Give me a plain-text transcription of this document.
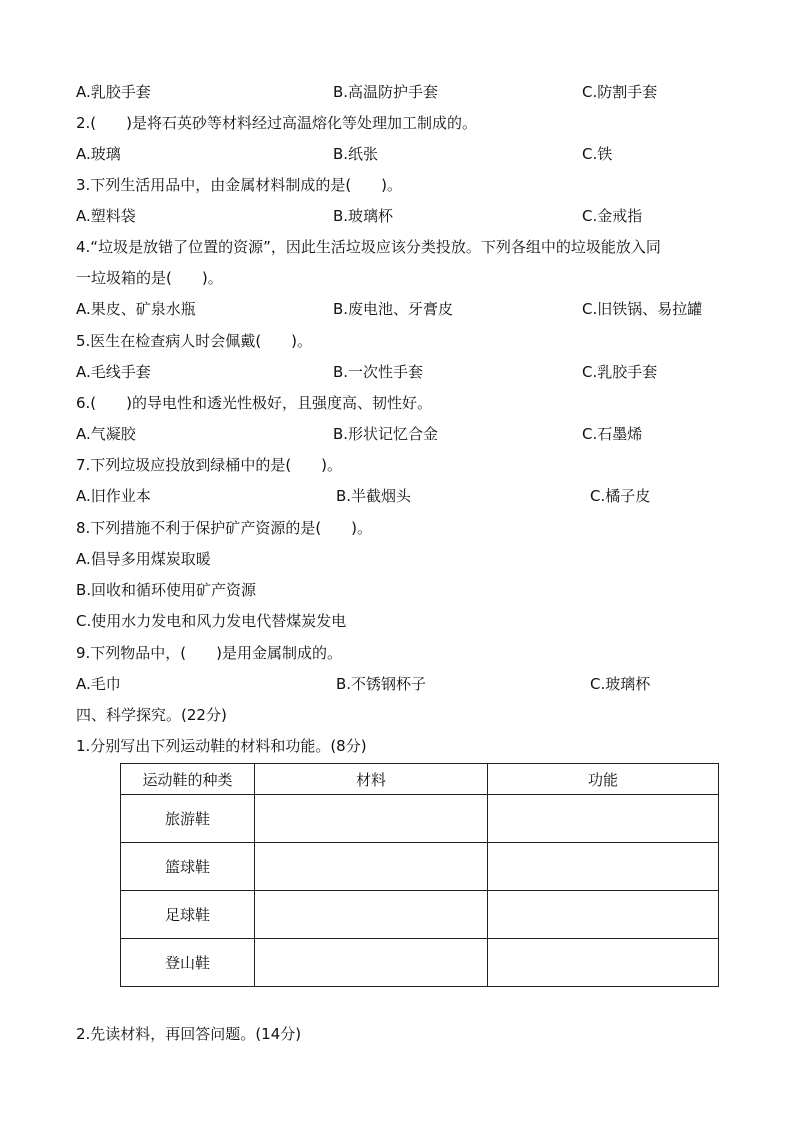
A.乳胶手套	B.高温防护手套	C.防割手套
2.(　　)是将石英砂等材料经过高温熔化等处理加工制成的。
A.玻璃	B.纸张	C.铁
3.下列生活用品中，由金属材料制成的是(　　)。
A.塑料袋	B.玻璃杯	C.金戒指
4.“垃圾是放错了位置的资源”，因此生活垃圾应该分类投放。下列各组中的垃圾能放入同
一垃圾箱的是(　　)。
A.果皮、矿泉水瓶	B.废电池、牙膏皮	C.旧铁锅、易拉罐
5.医生在检查病人时会佩戴(　　)。
A.毛线手套	B.一次性手套	C.乳胶手套
6.(　　)的导电性和透光性极好，且强度高、韧性好。
A.气凝胶	B.形状记忆合金	C.石墨烯
7.下列垃圾应投放到绿桶中的是(　　)。
A.旧作业本	B.半截烟头	C.橘子皮
8.下列措施不利于保护矿产资源的是(　　)。
A.倡导多用煤炭取暖
B.回收和循环使用矿产资源
C.使用水力发电和风力发电代替煤炭发电
9.下列物品中，(　　)是用金属制成的。
A.毛巾	B.不锈钢杯子	C.玻璃杯
四、科学探究。(22分)
1.分别写出下列运动鞋的材料和功能。(8分)
运动鞋的种类	材料	功能
旅游鞋		
篮球鞋		
足球鞋		
登山鞋		
2.先读材料，再回答问题。(14分)
